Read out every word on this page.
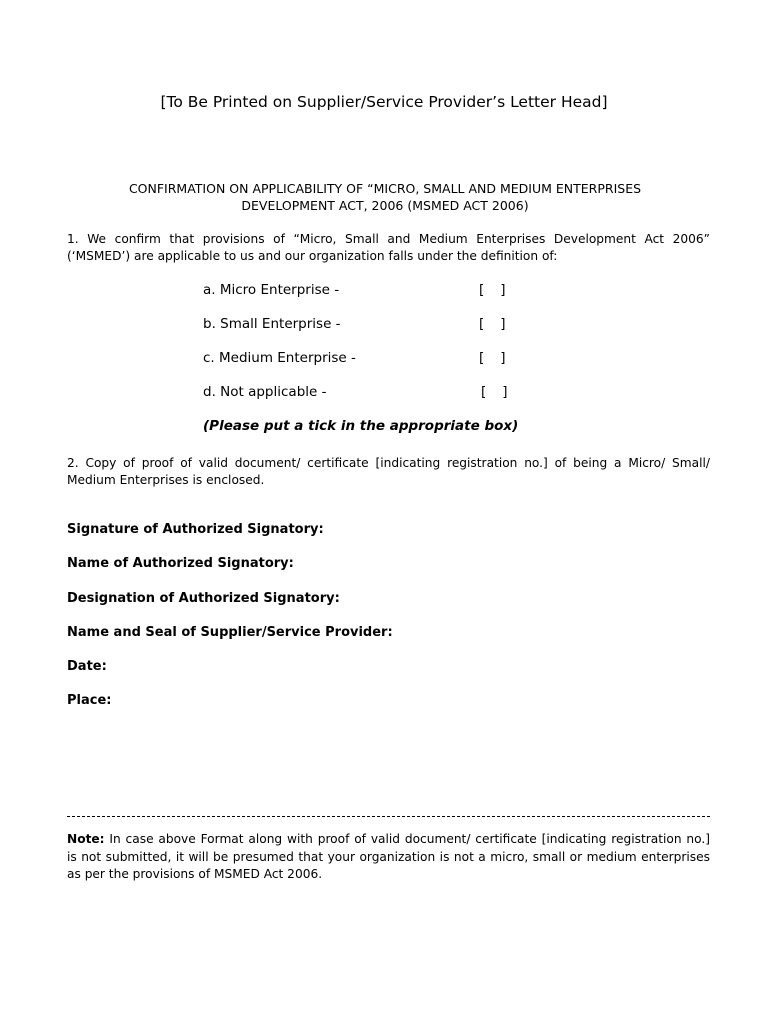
[To Be Printed on Supplier/Service Provider’s Letter Head]
CONFIRMATION ON APPLICABILITY OF “MICRO, SMALL AND MEDIUM ENTERPRISES
DEVELOPMENT ACT, 2006 (MSMED ACT 2006)
1. We confirm that provisions of “Micro, Small and Medium Enterprises Development Act 2006” (‘MSMED’) are applicable to us and our organization falls under the definition of:
a. Micro Enterprise -	[ ]
b. Small Enterprise -	[ ]
c. Medium Enterprise -	[ ]
d. Not applicable -	[ ]
(Please put a tick in the appropriate box)
2. Copy of proof of valid document/ certificate [indicating registration no.] of being a Micro/ Small/ Medium Enterprises is enclosed.
Signature of Authorized Signatory:
Name of Authorized Signatory:
Designation of Authorized Signatory:
Name and Seal of Supplier/Service Provider:
Date:
Place:
Note: In case above Format along with proof of valid document/ certificate [indicating registration no.] is not submitted, it will be presumed that your organization is not a micro, small or medium enterprises as per the provisions of MSMED Act 2006.
